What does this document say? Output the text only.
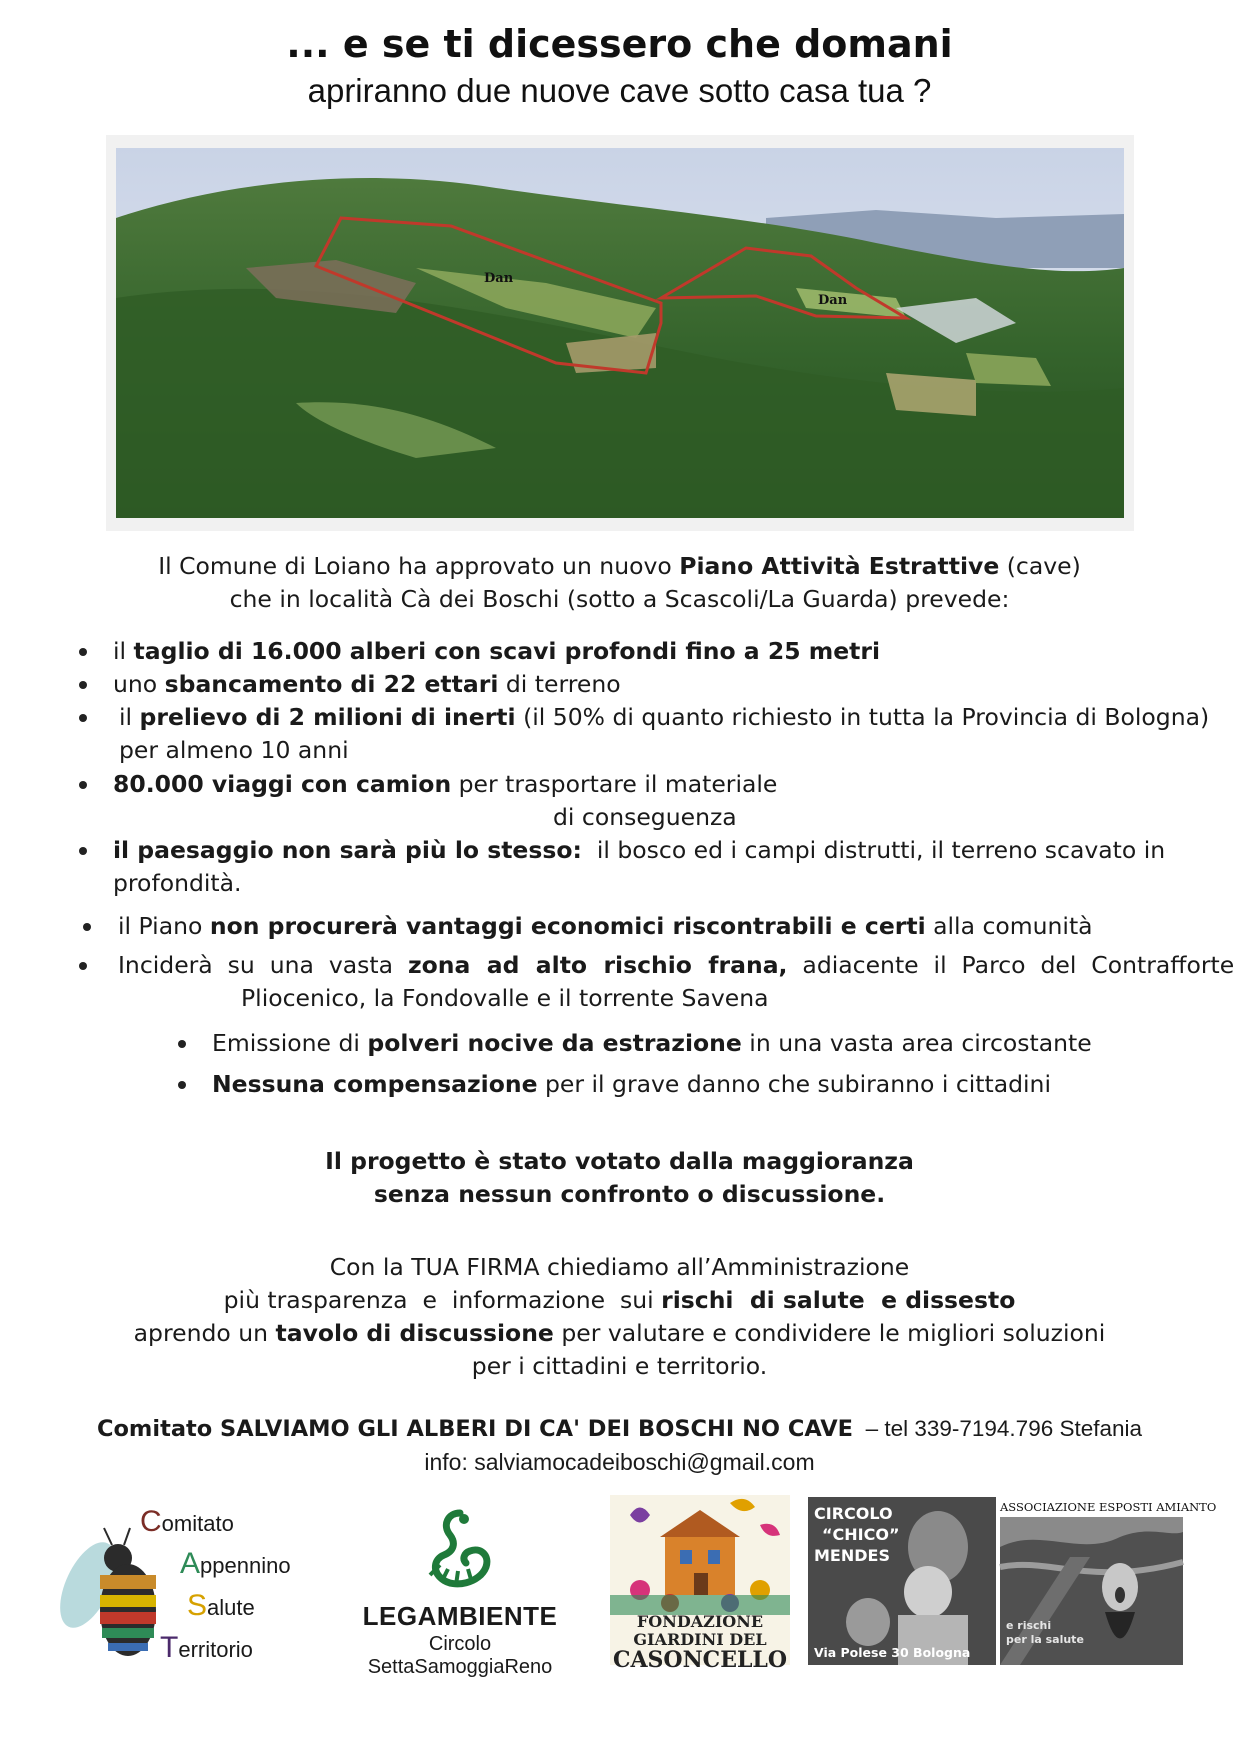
... e se ti dicessero che domani
apriranno due nuove cave sotto casa tua ?
Dan
Dan
Il Comune di Loiano ha approvato un nuovo Piano Attività Estrattive (cave)
che in località Cà dei Boschi (sotto a Scascoli/La Guarda) prevede:
il taglio di 16.000 alberi con scavi profondi fino a 25 metri
uno sbancamento di 22 ettari di terreno
il prelievo di 2 milioni di inerti (il 50% di quanto richiesto in tutta la Provincia di Bologna)
per almeno 10 anni
80.000 viaggi con camion per trasportare il materiale
di conseguenza
il paesaggio non sarà più lo stesso:  il bosco ed i campi distrutti, il terreno scavato in
profondità.
il Piano non procurerà vantaggi economici riscontrabili e certi alla comunità
Inciderà  su  una  vasta  zona  ad  alto  rischio  frana,  adiacente  il  Parco  del  Contrafforte
Pliocenico, la Fondovalle e il torrente Savena
Emissione di polveri nocive da estrazione in una vasta area circostante
Nessuna compensazione per il grave danno che subiranno i cittadini
Il progetto è stato votato dalla maggioranza
senza nessun confronto o discussione.
Con la TUA FIRMA chiediamo all’Amministrazione
più trasparenza  e  informazione  sui rischi  di salute  e dissesto
aprendo un tavolo di discussione per valutare e condividere le migliori soluzioni
per i cittadini e territorio.
Comitato SALVIAMO GLI ALBERI DI CA' DEI BOSCHI NO CAVE  – tel 339-7194.796 Stefania
info: salviamocadeiboschi@gmail.com
Comitato
Appennino
Salute
Territorio
LEGAMBIENTE
Circolo SettaSamoggiaReno
FONDAZIONE
GIARDINI DEL
CASONCELLO
CIRCOLO
“CHICO”
MENDES
Via Polese 30 Bologna
ASSOCIAZIONE ESPOSTI AMIANTO
e rischi
per la salute
